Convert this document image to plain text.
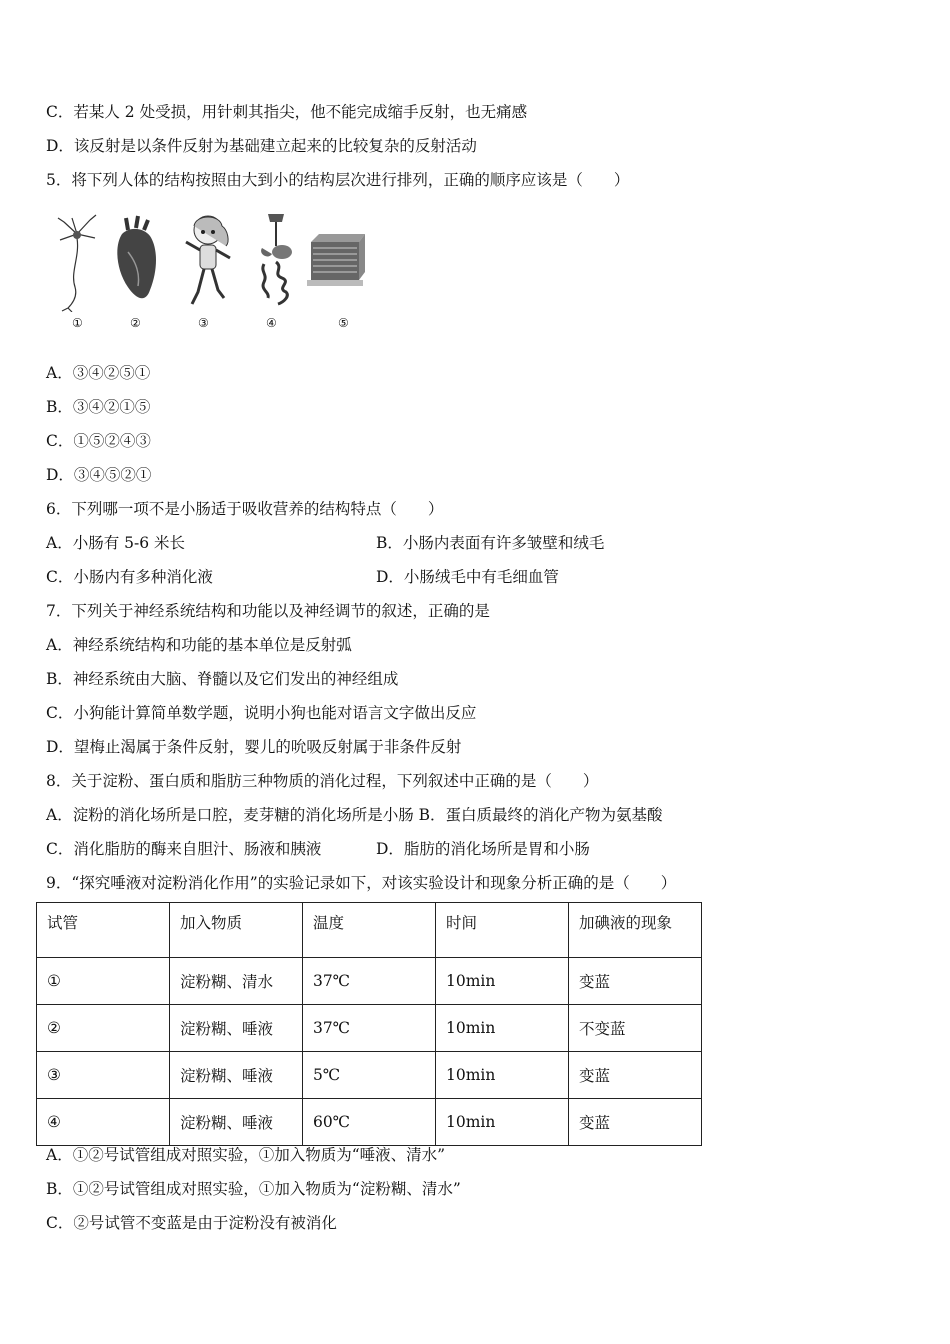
C．若某人 2 处受损，用针刺其指尖，他不能完成缩手反射，也无痛感
D．该反射是以条件反射为基础建立起来的比较复杂的反射活动
5．将下列人体的结构按照由大到小的结构层次进行排列，正确的顺序应该是（　　）
①	②	③	④	⑤
A．③④②⑤①
B．③④②①⑤
C．①⑤②④③
D．③④⑤②①
6．下列哪一项不是小肠适于吸收营养的结构特点（　　）
A．小肠有 5-6 米长	B．小肠内表面有许多皱壁和绒毛
C．小肠内有多种消化液	D．小肠绒毛中有毛细血管
7．下列关于神经系统结构和功能以及神经调节的叙述，正确的是
A．神经系统结构和功能的基本单位是反射弧
B．神经系统由大脑、脊髓以及它们发出的神经组成
C．小狗能计算简单数学题，说明小狗也能对语言文字做出反应
D．望梅止渴属于条件反射，婴儿的吮吸反射属于非条件反射
8．关于淀粉、蛋白质和脂肪三种物质的消化过程，下列叙述中正确的是（　　）
A．淀粉的消化场所是口腔，麦芽糖的消化场所是小肠 B．蛋白质最终的消化产物为氨基酸
C．消化脂肪的酶来自胆汁、肠液和胰液	D．脂肪的消化场所是胃和小肠
9．“探究唾液对淀粉消化作用”的实验记录如下，对该实验设计和现象分析正确的是（　　）
试管	加入物质	温度	时间	加碘液的现象
①	淀粉糊、清水	37℃	10min	变蓝
②	淀粉糊、唾液	37℃	10min	不变蓝
③	淀粉糊、唾液	5℃	10min	变蓝
④	淀粉糊、唾液	60℃	10min	变蓝
A．①②号试管组成对照实验，①加入物质为“唾液、清水”
B．①②号试管组成对照实验，①加入物质为“淀粉糊、清水”
C．②号试管不变蓝是由于淀粉没有被消化
